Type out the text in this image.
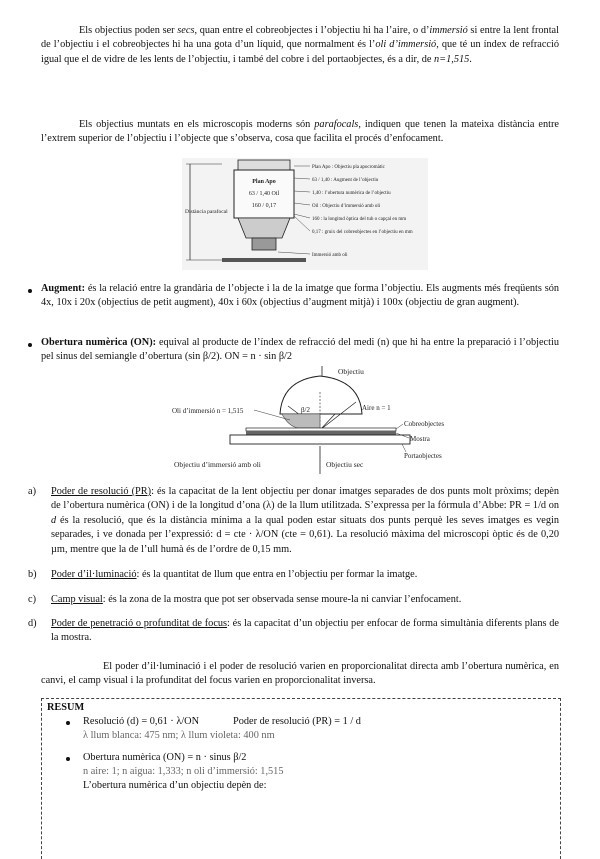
Els objectius poden ser secs, quan entre el cobreobjectes i l’objectiu hi ha l’aire, o d’immersió si entre la lent frontal de l’objectiu i el cobreobjectes hi ha una gota d’un líquid, que normalment és l’oli d’immersió, que té un índex de refracció igual que el de vidre de les lents de l’objectiu, i també del cobre i del portaobjectes, és a dir, de n=1,515.

Els objectius muntats en els microscopis moderns són parafocals, indiquen que tenen la mateixa distància entre l’extrem superior de l’objectiu i l’objecte que s’observa, cosa que facilita el procés d’enfocament.

Distància parafocal
Plan Apo
63 / 1,40 Oil
160 / 0,17
Plan Apo : Objectiu pla apocromàtic
63 / 1,40 : Augment de l’objectiu
1,40 : l’obertura numèrica de l’objectiu
Oil : Objectiu d’immersió amb oli
160 : la longitud òptica del tub o capçal en mm
0,17 : gruix del cobreobjectes en l’objectiu en mm
Immersió amb oli

Augment: és la relació entre la grandària de l’objecte i la de la imatge que forma l’objectiu. Els augments més freqüents són 4x, 10x i 20x (objectius de petit augment), 40x i 60x (objectius d’augment mitjà) i 100x (objectiu de gran augment).

Obertura numèrica (ON): equival al producte de l’índex de refracció del medi (n) que hi ha entre la preparació i l’objectiu pel sinus del semiangle d’obertura (sin β/2). ON = n · sin β/2

Objectiu
β/2
Oli d’immersió n = 1,515	Aire n = 1
Cobreobjectes
Mostra
Portaobjectes
Objectiu d’immersió amb oli	Objectiu sec
a) Poder de resolució (PR): és la capacitat de la lent objectiu per donar imatges separades de dos punts molt pròxims; depèn de l’obertura numèrica (ON) i de la longitud d’ona (λ) de la llum utilitzada. S’expressa per la fórmula d’Abbe: PR = 1/d on d és la resolució, que és la distància mínima a la qual poden estar situats dos punts perquè les seves imatges es vegin separades, i ve donada per l’expressió: d = cte · λ/ON (cte = 0,61). La resolució màxima del microscopi òptic és de 0,20 µm, mentre que la de l’ull humà és de l’ordre de 0,15 mm.

b) Poder d’il·luminació: és la quantitat de llum que entra en l’objectiu per formar la imatge.

c) Camp visual: és la zona de la mostra que pot ser observada sense moure-la ni canviar l’enfocament.

d) Poder de penetració o profunditat de focus: és la capacitat d’un objectiu per enfocar de forma simultània diferents plans de la mostra.

El poder d’il·luminació i el poder de resolució varien en proporcionalitat directa amb l’obertura numèrica, en canvi, el camp visual i la profunditat del focus varien en proporcionalitat inversa.

RESUM
Resolució (d) = 0,61 · λ/ON	Poder de resolució (PR) = 1 / d
λ llum blanca: 475 nm; λ llum violeta: 400 nm
Obertura numèrica (ON) = n · sinus β/2
n aire: 1; n aigua: 1,333; n oli d’immersió: 1,515
L’obertura numèrica d’un objectiu depèn de:
